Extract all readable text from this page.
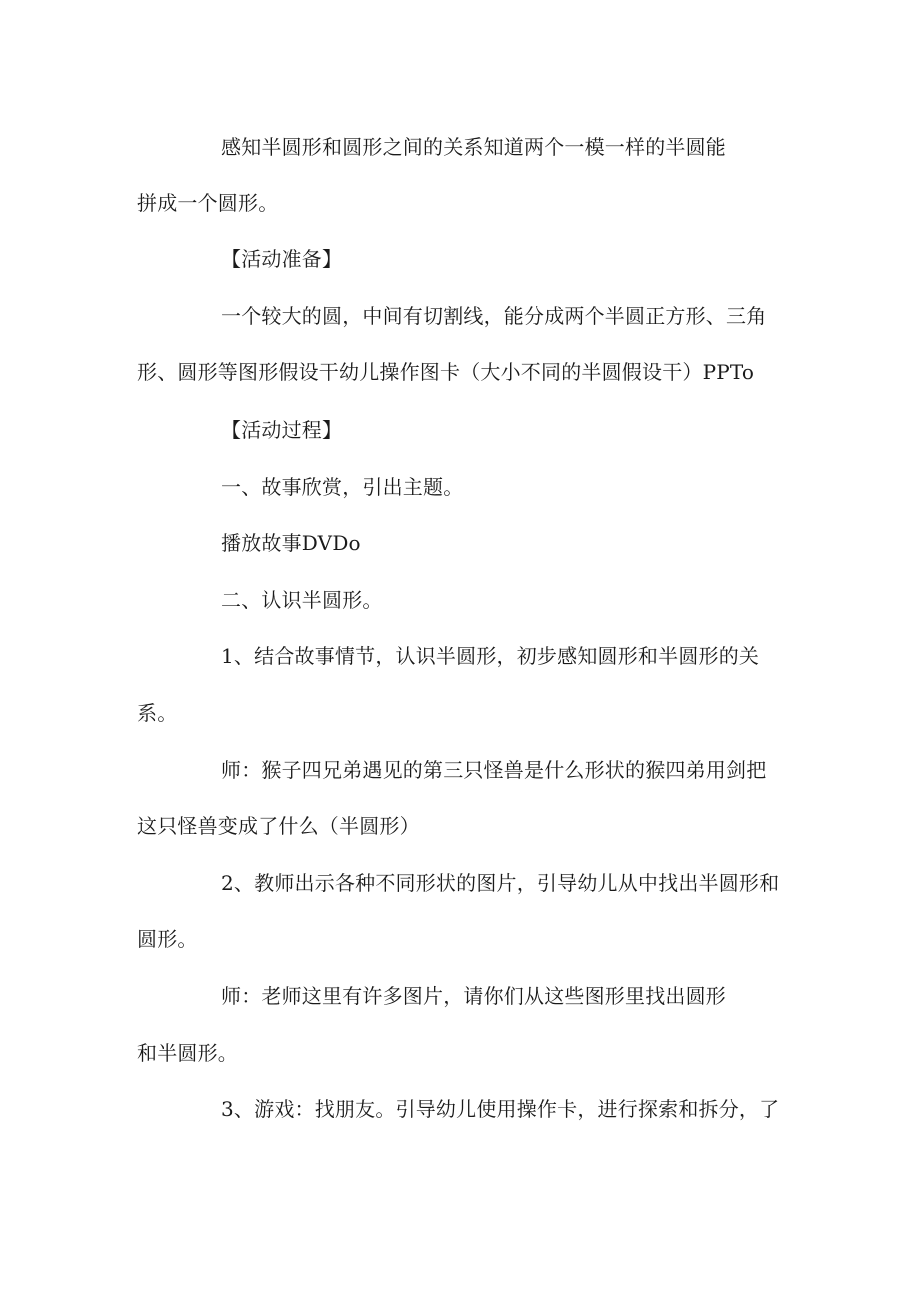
感知半圆形和圆形之间的关系知道两个一模一样的半圆能
拼成一个圆形。
【活动准备】
一个较大的圆，中间有切割线，能分成两个半圆正方形、三角
形、圆形等图形假设干幼儿操作图卡（大小不同的半圆假设干）PPTo
【活动过程】
一、故事欣赏，引出主题。
播放故事DVDo
二、认识半圆形。
1、结合故事情节，认识半圆形，初步感知圆形和半圆形的关
系。
师：猴子四兄弟遇见的第三只怪兽是什么形状的猴四弟用剑把
这只怪兽变成了什么（半圆形）
2、教师出示各种不同形状的图片，引导幼儿从中找出半圆形和
圆形。
师：老师这里有许多图片，请你们从这些图形里找出圆形
和半圆形。
3、游戏：找朋友。引导幼儿使用操作卡，进行探索和拆分，了
